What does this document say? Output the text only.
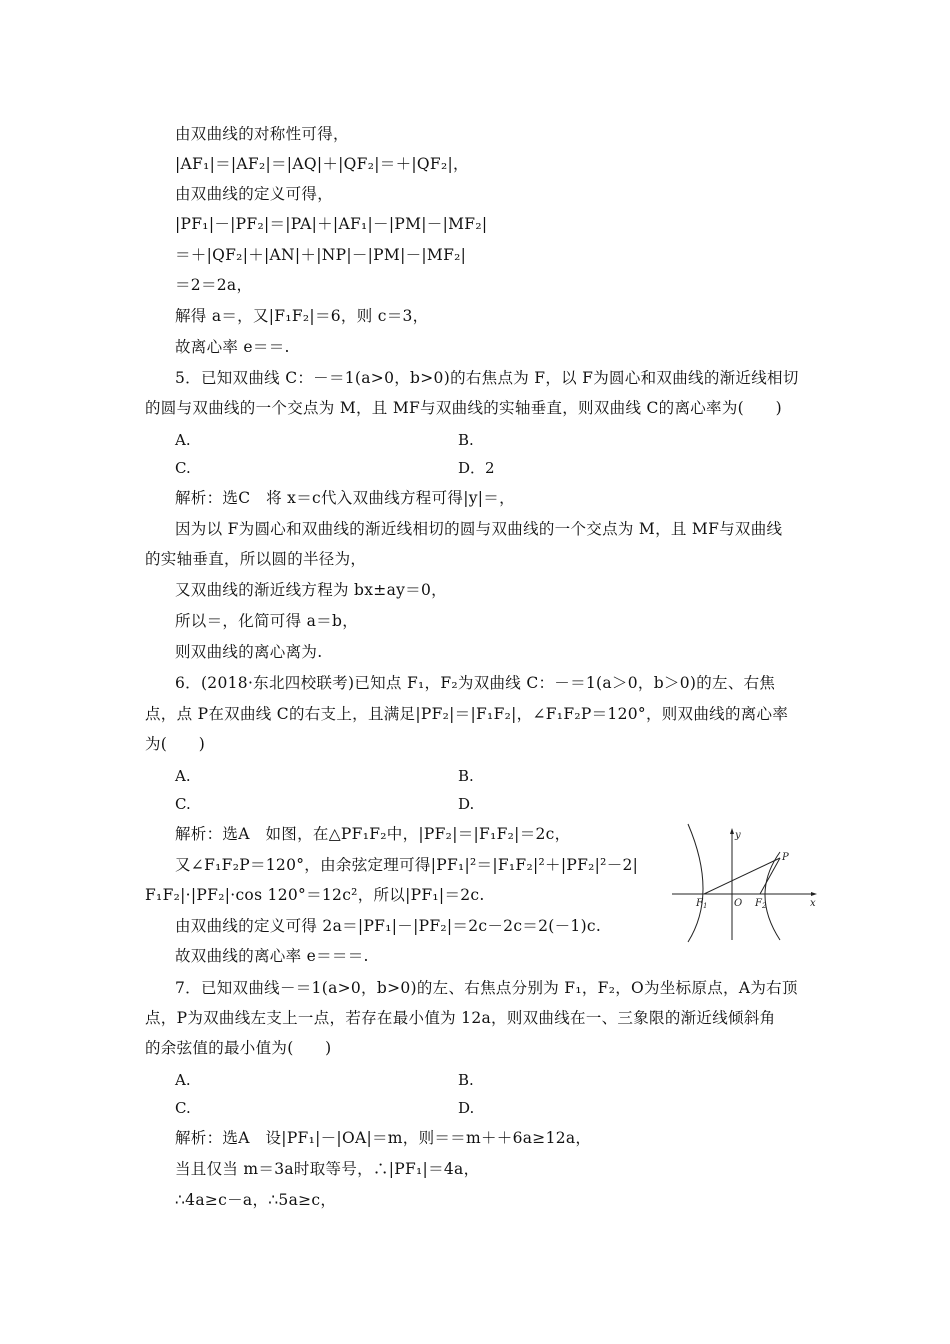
由双曲线的对称性可得，
|AF₁|＝|AF₂|＝|AQ|＋|QF₂|＝＋|QF₂|，
由双曲线的定义可得，
|PF₁|－|PF₂|＝|PA|＋|AF₁|－|PM|－|MF₂|
＝＋|QF₂|＋|AN|＋|NP|－|PM|－|MF₂|
＝2＝2a，
解得 a＝，又|F₁F₂|＝6，则 c＝3，
故离心率 e＝＝.
5．已知双曲线 C：－＝1(a>0，b>0)的右焦点为 F，以 F为圆心和双曲线的渐近线相切
的圆与双曲线的一个交点为 M，且 MF与双曲线的实轴垂直，则双曲线 C的离心率为(　　)
A.	B.
C.	D．2
解析：选C　将 x＝c代入双曲线方程可得|y|＝，
因为以 F为圆心和双曲线的渐近线相切的圆与双曲线的一个交点为 M，且 MF与双曲线
的实轴垂直，所以圆的半径为，
又双曲线的渐近线方程为 bx±ay＝0，
所以＝，化简可得 a＝b，
则双曲线的离心离为.
6．(2018·东北四校联考)已知点 F₁，F₂为双曲线 C：－＝1(a＞0，b＞0)的左、右焦
点，点 P在双曲线 C的右支上，且满足|PF₂|＝|F₁F₂|，∠F₁F₂P＝120°，则双曲线的离心率
为(　　)
A.	B.
C.	D.
解析：选A　如图，在△PF₁F₂中，|PF₂|＝|F₁F₂|＝2c，
又∠F₁F₂P＝120°，由余弦定理可得|PF₁|²＝|F₁F₂|²＋|PF₂|²－2|
F₁F₂|·|PF₂|·cos 120°＝12c²，所以|PF₁|＝2c.
由双曲线的定义可得 2a＝|PF₁|－|PF₂|＝2c－2c＝2(－1)c.
故双曲线的离心率 e＝＝＝.
y
x
P
O
$F_1$	$F_2$
7．已知双曲线－＝1(a>0，b>0)的左、右焦点分别为 F₁，F₂，O为坐标原点，A为右顶
点，P为双曲线左支上一点，若存在最小值为 12a，则双曲线在一、三象限的渐近线倾斜角
的余弦值的最小值为(　　)
A.	B.
C.	D.
解析：选A　设|PF₁|－|OA|＝m，则＝＝m＋＋6a≥12a，
当且仅当 m＝3a时取等号，∴|PF₁|＝4a，
∴4a≥c－a，∴5a≥c，
